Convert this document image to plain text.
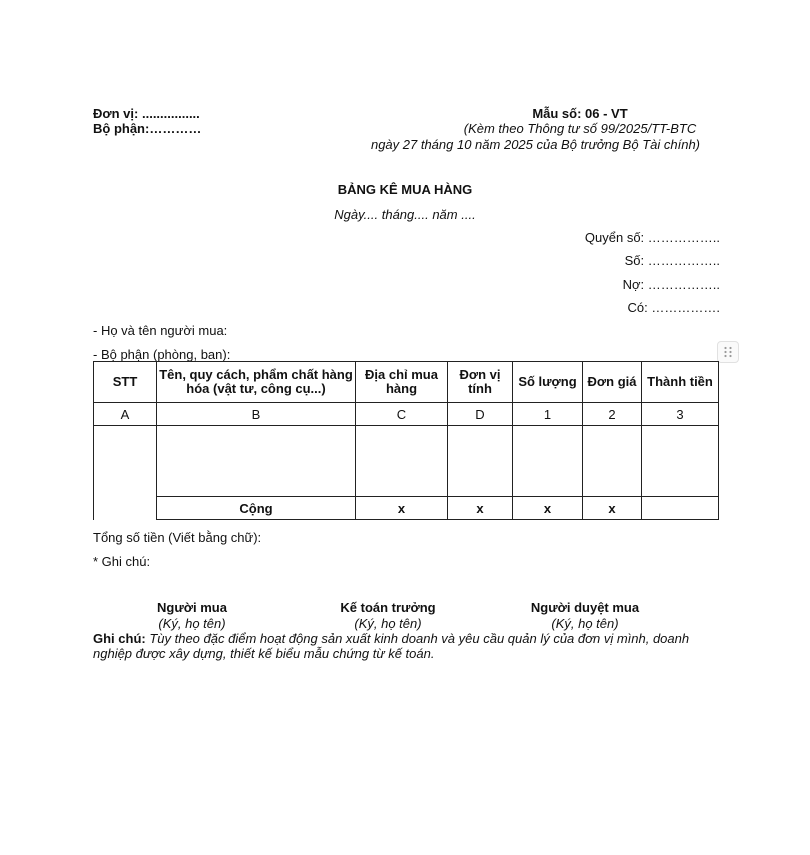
Đơn vị: ................
Bộ phận:…………
Mẫu số: 06 - VT
(Kèm theo Thông tư số 99/2025/TT-BTC
ngày 27 tháng 10 năm 2025 của Bộ trưởng Bộ Tài chính)
BẢNG KÊ MUA HÀNG
Ngày.... tháng.... năm ....
Quyển số: ……………..
Số: ……………..
Nợ: ……………..
Có: …………….
- Họ và tên người mua:
- Bộ phận (phòng, ban):
STT	Tên, quy cách, phẩm chất hàng hóa (vật tư, công cụ...)	Địa chỉ mua hàng	Đơn vị tính	Số lượng	Đơn giá	Thành tiền
A	B	C	D	1	2	3

	Cộng	x	x	x	x	
Tổng số tiền (Viết bằng chữ):
* Ghi chú:
Người mua
(Ký, họ tên)
Kế toán trưởng
(Ký, họ tên)
Người duyệt mua
(Ký, họ tên)
Ghi chú: Tùy theo đặc điểm hoạt động sản xuất kinh doanh và yêu cầu quản lý của đơn vị mình, doanh nghiệp được xây dựng, thiết kế biểu mẫu chứng từ kế toán.
